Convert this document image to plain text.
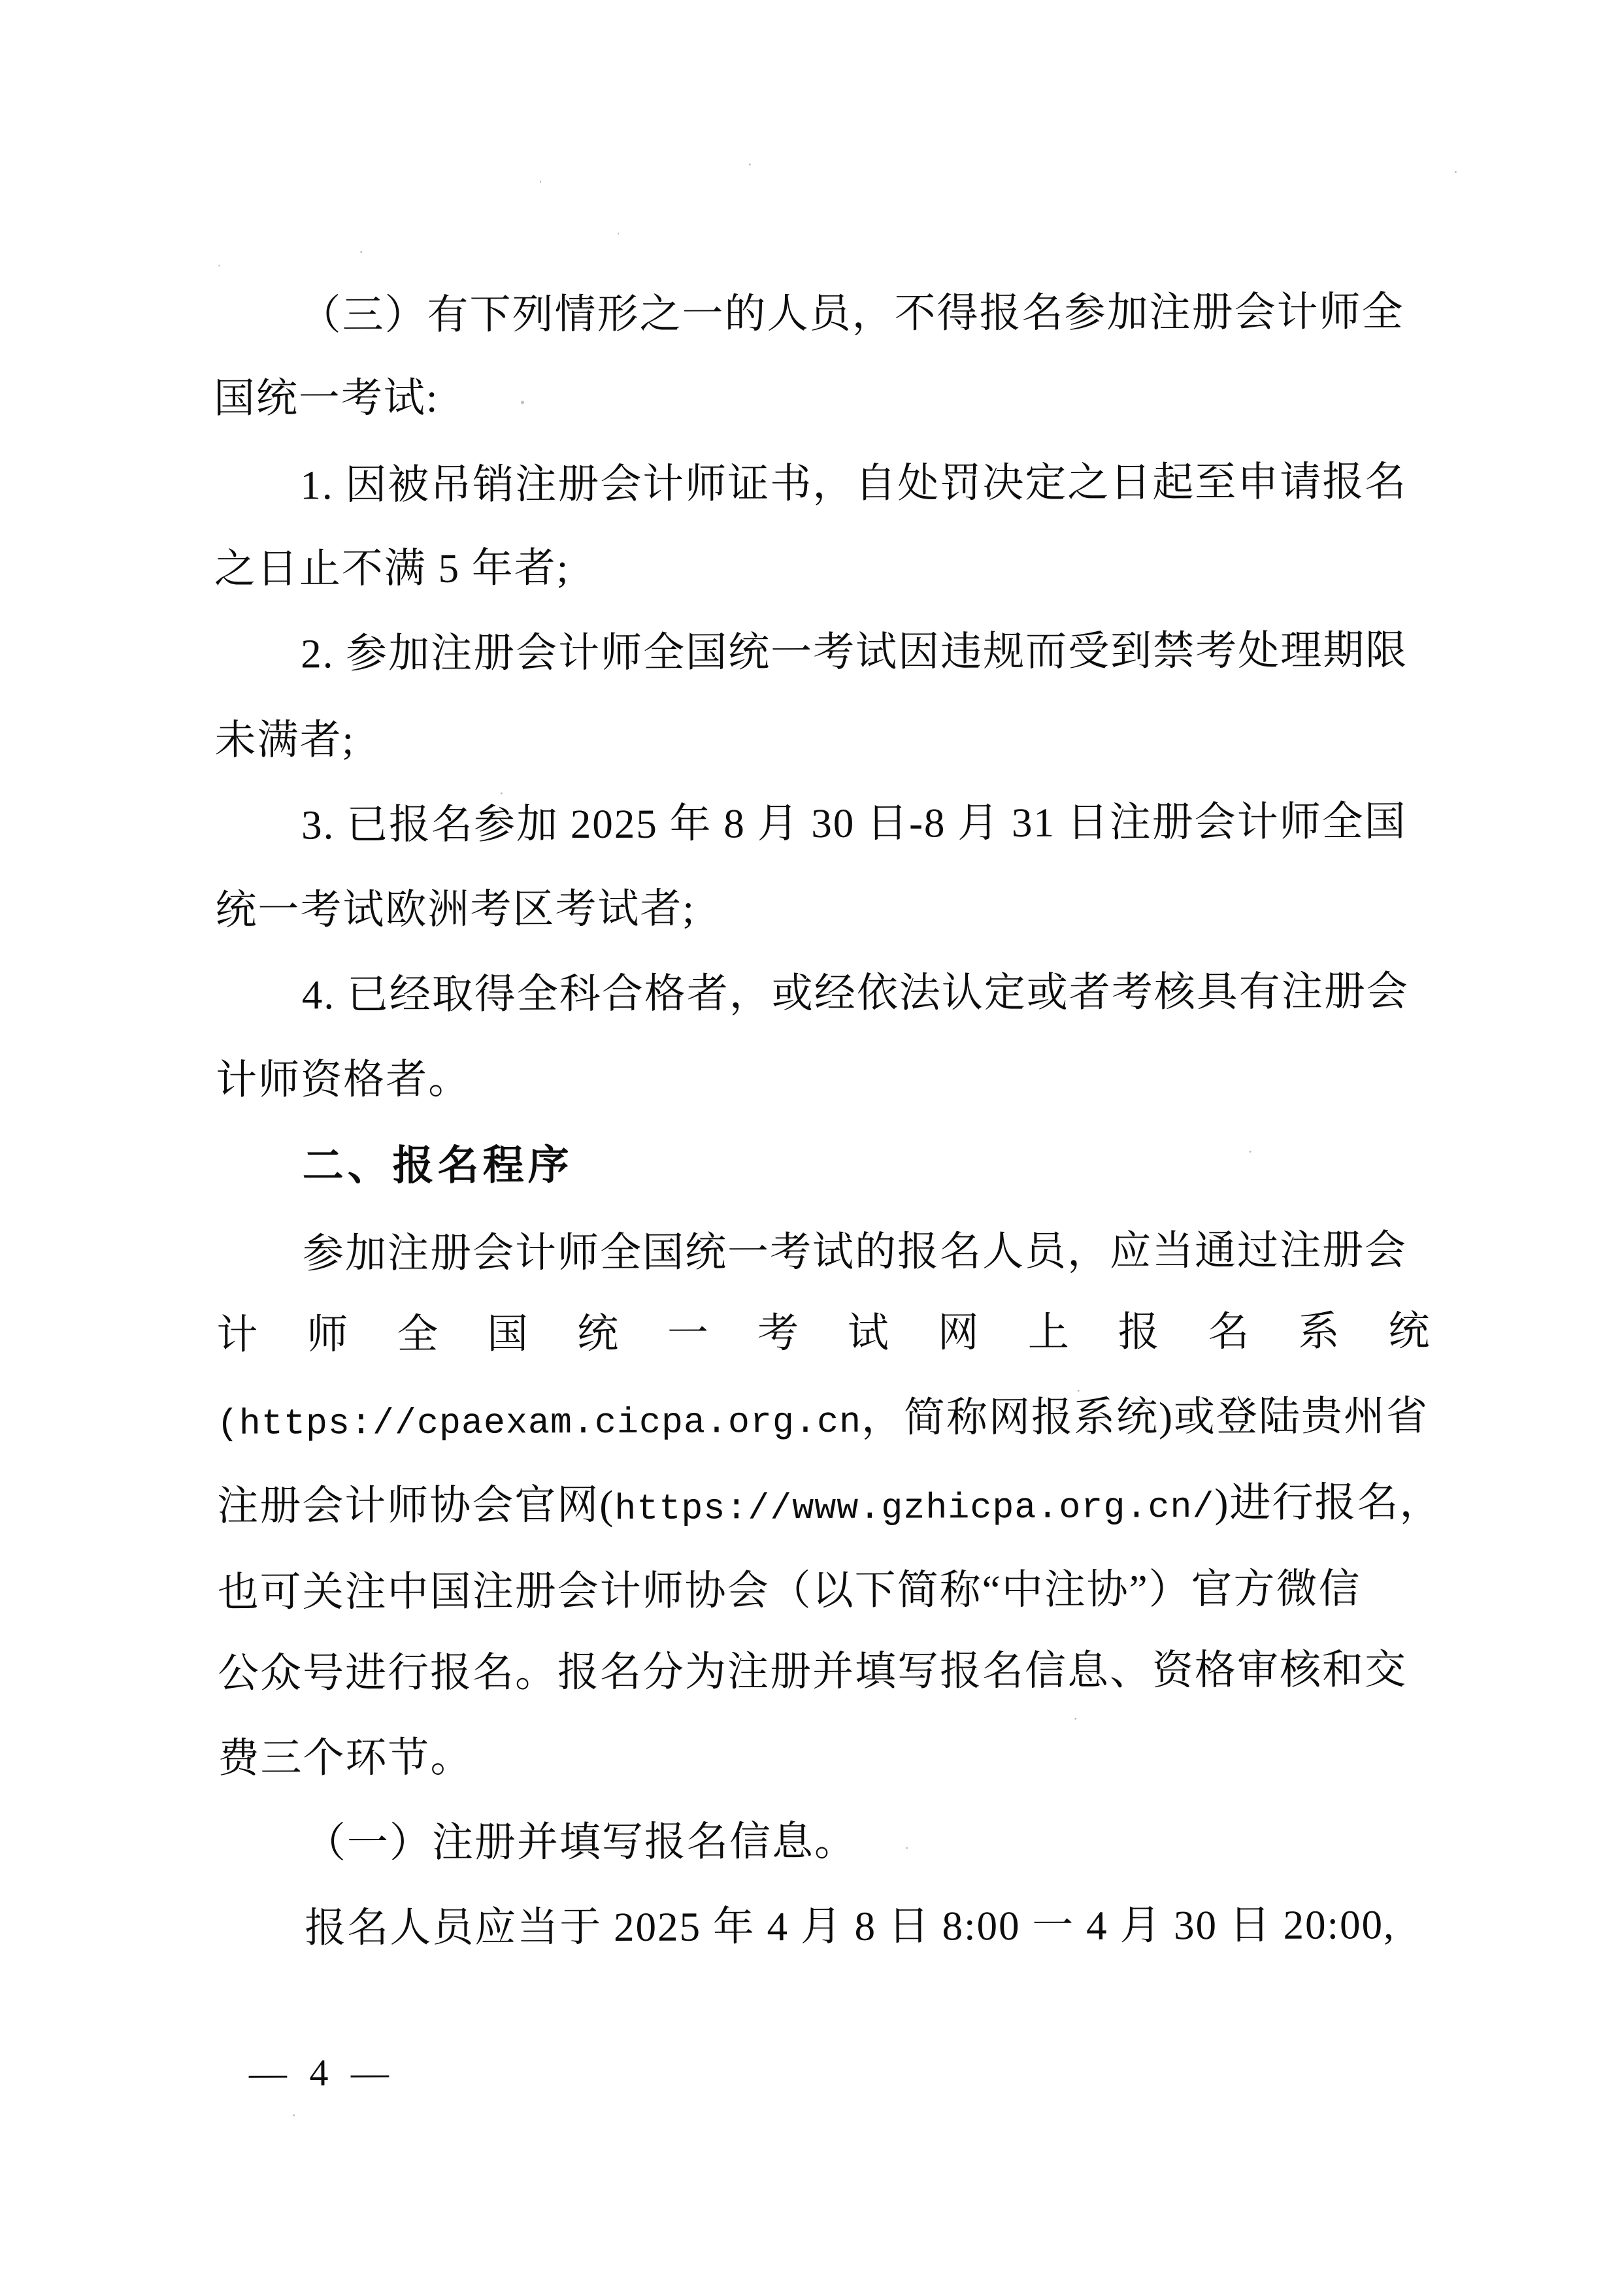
（三）有下列情形之一的人员，不得报名参加注册会计师全
国统一考试:
1. 因被吊销注册会计师证书，自处罚决定之日起至申请报名
之日止不满 5 年者;
2. 参加注册会计师全国统一考试因违规而受到禁考处理期限
未满者;
3. 已报名参加 2025 年 8 月 30 日-8 月 31 日注册会计师全国
统一考试欧洲考区考试者;
4. 已经取得全科合格者，或经依法认定或者考核具有注册会
计师资格者。
二、报名程序
参加注册会计师全国统一考试的报名人员，应当通过注册会
计师全国统一考试网上报名系统
(https://cpaexam.cicpa.org.cn，简称网报系统)或登陆贵州省
注册会计师协会官网(https://www.gzhicpa.org.cn/)进行报名，
也可关注中国注册会计师协会（以下简称“中注协”）官方微信
公众号进行报名。报名分为注册并填写报名信息、资格审核和交
费三个环节。
（一）注册并填写报名信息。
报名人员应当于 2025 年 4 月 8 日 8:00 一 4 月 30 日 20:00,
— 4 —
